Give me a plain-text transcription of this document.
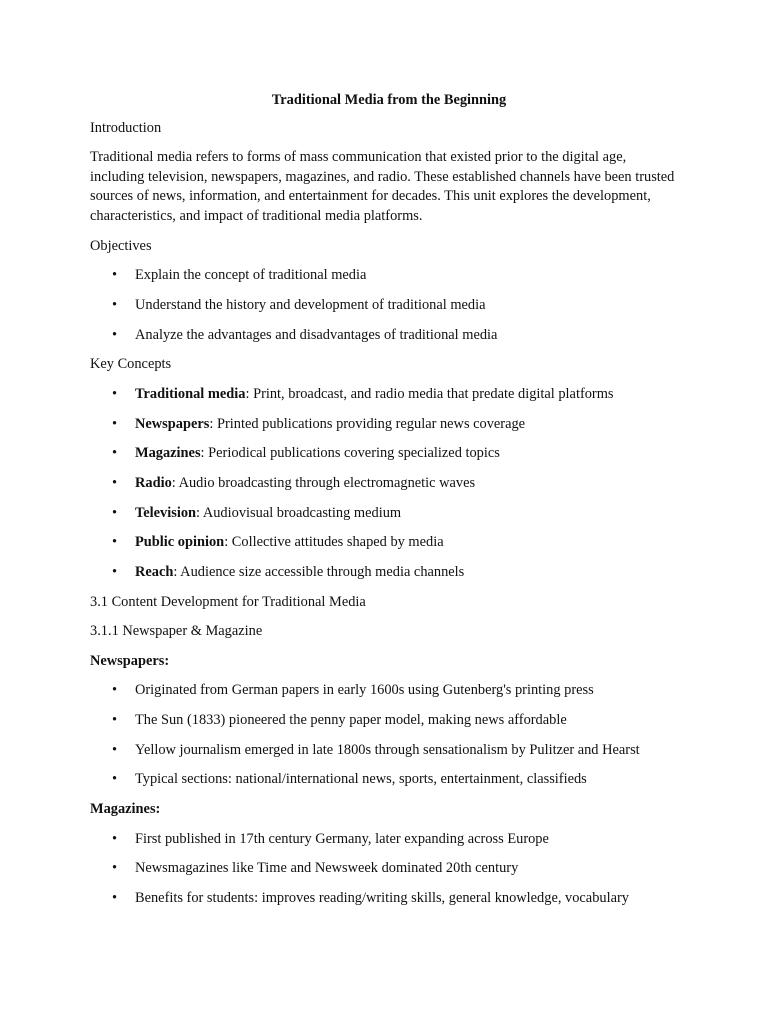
Traditional Media from the Beginning
Introduction
Traditional media refers to forms of mass communication that existed prior to the digital age, including television, newspapers, magazines, and radio. These established channels have been trusted sources of news, information, and entertainment for decades. This unit explores the development, characteristics, and impact of traditional media platforms.
Objectives
• Explain the concept of traditional media
• Understand the history and development of traditional media
• Analyze the advantages and disadvantages of traditional media
Key Concepts
• Traditional media: Print, broadcast, and radio media that predate digital platforms
• Newspapers: Printed publications providing regular news coverage
• Magazines: Periodical publications covering specialized topics
• Radio: Audio broadcasting through electromagnetic waves
• Television: Audiovisual broadcasting medium
• Public opinion: Collective attitudes shaped by media
• Reach: Audience size accessible through media channels
3.1 Content Development for Traditional Media
3.1.1 Newspaper & Magazine
Newspapers:
• Originated from German papers in early 1600s using Gutenberg's printing press
• The Sun (1833) pioneered the penny paper model, making news affordable
• Yellow journalism emerged in late 1800s through sensationalism by Pulitzer and Hearst
• Typical sections: national/international news, sports, entertainment, classifieds
Magazines:
• First published in 17th century Germany, later expanding across Europe
• Newsmagazines like Time and Newsweek dominated 20th century
• Benefits for students: improves reading/writing skills, general knowledge, vocabulary
